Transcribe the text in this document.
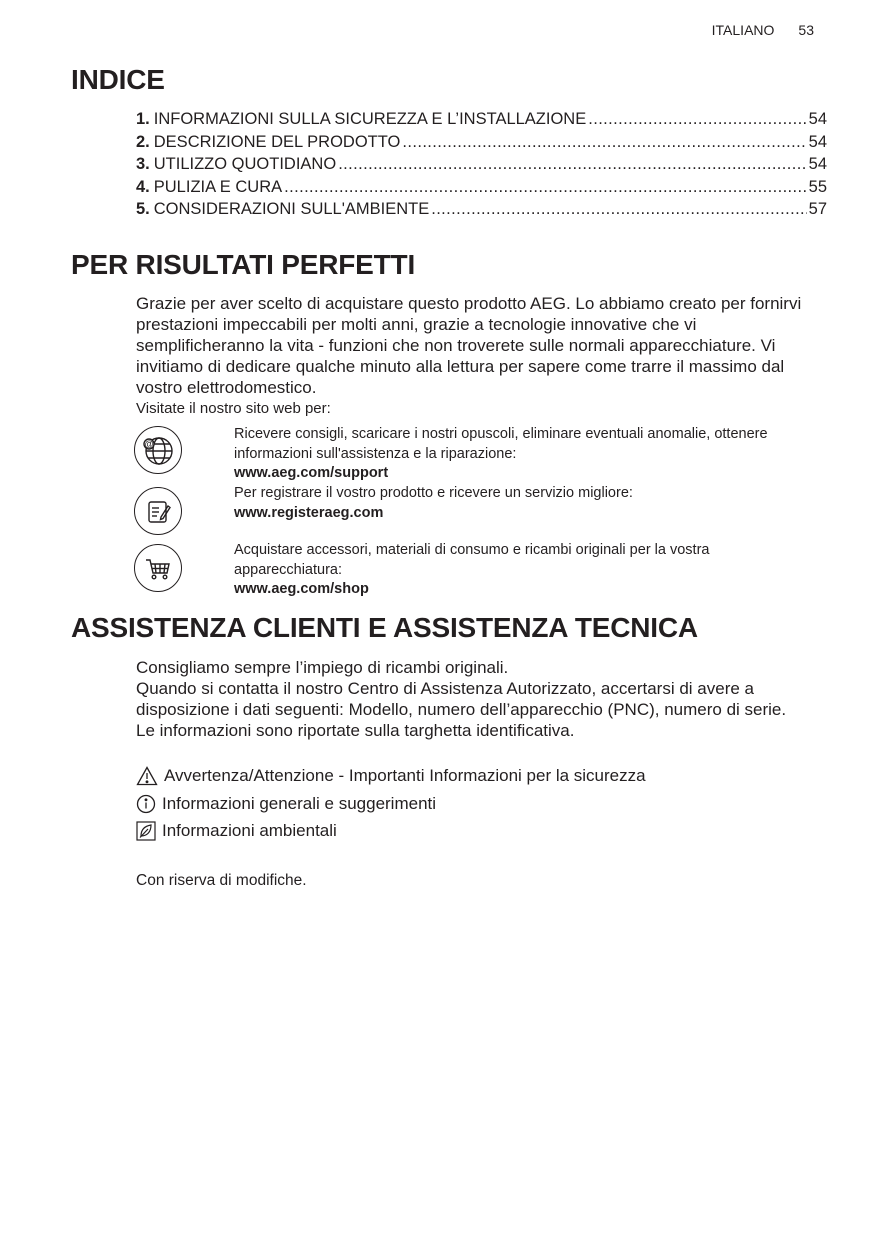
ITALIANO 53
INDICE
1. INFORMAZIONI SULLA SICUREZZA E L’INSTALLAZIONE .....	54
2. DESCRIZIONE DEL PRODOTTO .....	54
3. UTILIZZO QUOTIDIANO .....	54
4. PULIZIA E CURA .....	55
5. CONSIDERAZIONI SULL'AMBIENTE .....	57
PER RISULTATI PERFETTI
Grazie per aver scelto di acquistare questo prodotto AEG. Lo abbiamo creato per fornirvi prestazioni impeccabili per molti anni, grazie a tecnologie innovative che vi semplificheranno la vita - funzioni che non troverete sulle normali apparecchiature. Vi invitiamo di dedicare qualche minuto alla lettura per sapere come trarre il massimo dal vostro elettrodomestico.
Visitate il nostro sito web per:
@
Ricevere consigli, scaricare i nostri opuscoli, eliminare eventuali anomalie, ottenere informazioni sull'assistenza e la riparazione:
www.aeg.com/support
Per registrare il vostro prodotto e ricevere un servizio migliore:
www.registeraeg.com
Acquistare accessori, materiali di consumo e ricambi originali per la vostra apparecchiatura:
www.aeg.com/shop
ASSISTENZA CLIENTI E ASSISTENZA TECNICA
Consigliamo sempre l’impiego di ricambi originali.
Quando si contatta il nostro Centro di Assistenza Autorizzato, accertarsi di avere a disposizione i dati seguenti: Modello, numero dell’apparecchio (PNC), numero di serie.
Le informazioni sono riportate sulla targhetta identificativa.
Avvertenza/Attenzione - Importanti Informazioni per la sicurezza
Informazioni generali e suggerimenti
Informazioni ambientali
Con riserva di modifiche.
